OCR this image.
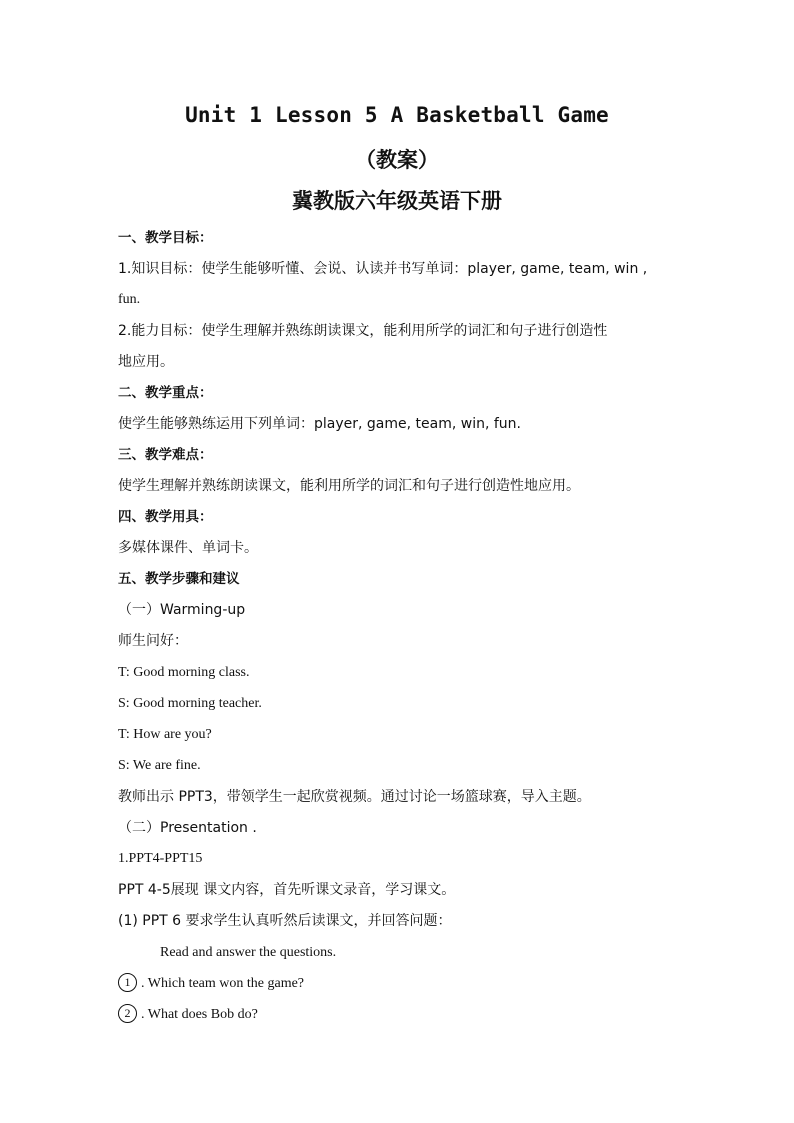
Unit 1 Lesson 5 A Basketball Game
（教案）
冀教版六年级英语下册
一、教学目标：
1.知识目标：使学生能够听懂、会说、认读并书写单词：player, game, team, win ,
fun.
2.能力目标：使学生理解并熟练朗读课文，能利用所学的词汇和句子进行创造性
地应用。
二、教学重点：
使学生能够熟练运用下列单词：player, game, team, win, fun.
三、教学难点：
使学生理解并熟练朗读课文，能利用所学的词汇和句子进行创造性地应用。
四、教学用具：
多媒体课件、单词卡。
五、教学步骤和建议
（一）Warming-up
师生问好：
T: Good morning class.
S: Good morning teacher.
T: How are you?
S: We are fine.
教师出示 PPT3，带领学生一起欣赏视频。通过讨论一场篮球赛，导入主题。
（二）Presentation .
1.PPT4-PPT15
PPT 4-5展现 课文内容，首先听课文录音，学习课文。
(1) PPT 6 要求学生认真听然后读课文，并回答问题：
Read and answer the questions.
1 . Which team won the game?
2 . What does Bob do?
